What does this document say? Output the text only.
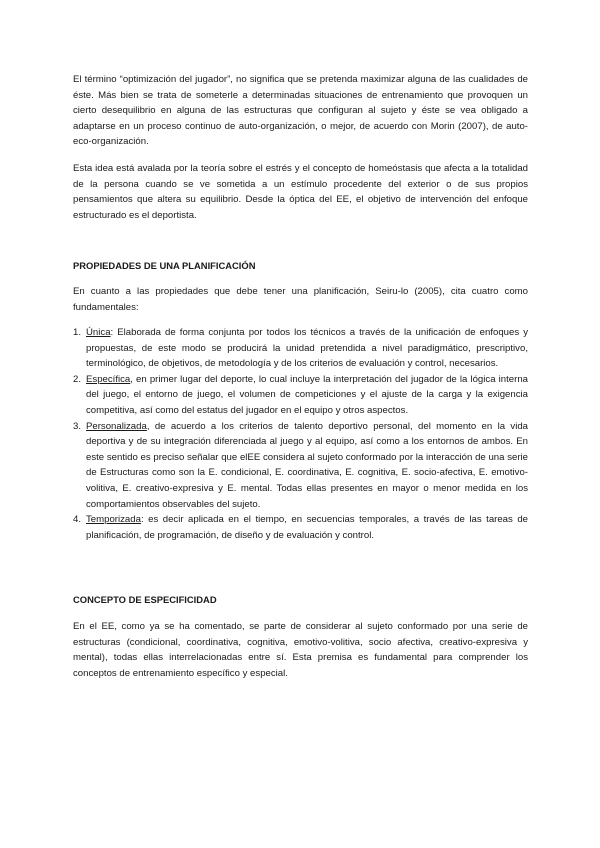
El término “optimización del jugador”, no significa que se pretenda maximizar alguna de las cualidades de éste. Más bien se trata de someterle a determinadas situaciones de entrenamiento que provoquen un cierto desequilibrio en alguna de las estructuras que configuran al sujeto y éste se vea obligado a adaptarse en un proceso continuo de auto-organización, o mejor, de acuerdo con Morin (2007), de auto-eco-organización.

Esta idea está avalada por la teoría sobre el estrés y el concepto de homeóstasis que afecta a la totalidad de la persona cuando se ve sometida a un estímulo procedente del exterior o de sus propios pensamientos que altera su equilibrio. Desde la óptica del EE, el objetivo de intervención del enfoque estructurado es el deportista.

PROPIEDADES DE UNA PLANIFICACIÓN

En cuanto a las propiedades que debe tener una planificación, Seiru-lo (2005), cita cuatro como fundamentales:

1. Única: Elaborada de forma conjunta por todos los técnicos a través de la unificación de enfoques y propuestas, de este modo se producirá la unidad pretendida a nivel paradigmático, prescriptivo, terminológico, de objetivos, de metodología y de los criterios de evaluación y control, necesarios.
2. Específica, en primer lugar del deporte, lo cual incluye la interpretación del jugador de la lógica interna del juego, el entorno de juego, el volumen de competiciones y el ajuste de la carga y la exigencia competitiva, así como del estatus del jugador en el equipo y otros aspectos.
3. Personalizada, de acuerdo a los criterios de talento deportivo personal, del momento en la vida deportiva y de su integración diferenciada al juego y al equipo, así como a los entornos de ambos. En este sentido es preciso señalar que elEE considera al sujeto conformado por la interacción de una serie de Estructuras como son la E. condicional, E. coordinativa, E. cognitiva, E. socio-afectiva, E. emotivo-volitiva, E. creativo-expresiva y E. mental. Todas ellas presentes en mayor o menor medida en los comportamientos observables del sujeto.
4. Temporizada: es decir aplicada en el tiempo, en secuencias temporales, a través de las tareas de planificación, de programación, de diseño y de evaluación y control.
CONCEPTO DE ESPECIFICIDAD

En el EE, como ya se ha comentado, se parte de considerar al sujeto conformado por una serie de estructuras (condicional, coordinativa, cognitiva, emotivo-volitiva, socio afectiva, creativo-expresiva y mental), todas ellas interrelacionadas entre sí. Esta premisa es fundamental para comprender los conceptos de entrenamiento específico y especial.
